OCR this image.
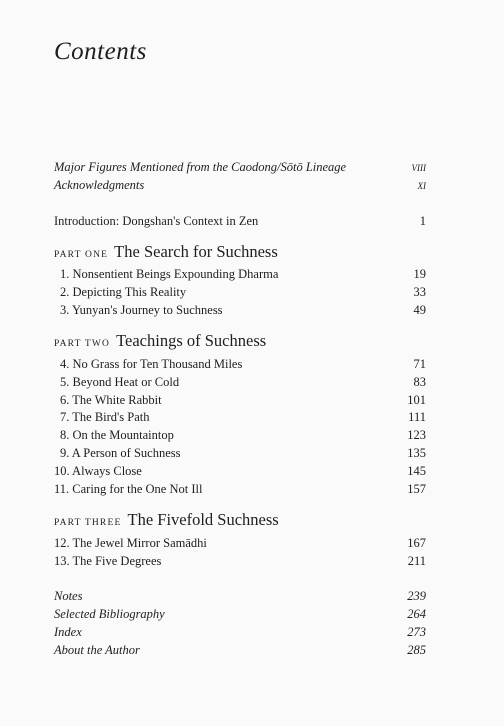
Contents
Major Figures Mentioned from the Caodong/Sōtō Lineage	viii
Acknowledgments	xi
Introduction: Dongshan's Context in Zen	1
PART ONE The Search for Suchness
1. Nonsentient Beings Expounding Dharma	19
2. Depicting This Reality	33
3. Yunyan's Journey to Suchness	49
PART TWO Teachings of Suchness
4. No Grass for Ten Thousand Miles	71
5. Beyond Heat or Cold	83
6. The White Rabbit	101
7. The Bird's Path	111
8. On the Mountaintop	123
9. A Person of Suchness	135
10. Always Close	145
11. Caring for the One Not Ill	157
PART THREE The Fivefold Suchness
12. The Jewel Mirror Samādhi	167
13. The Five Degrees	211
Notes	239
Selected Bibliography	264
Index	273
About the Author	285
